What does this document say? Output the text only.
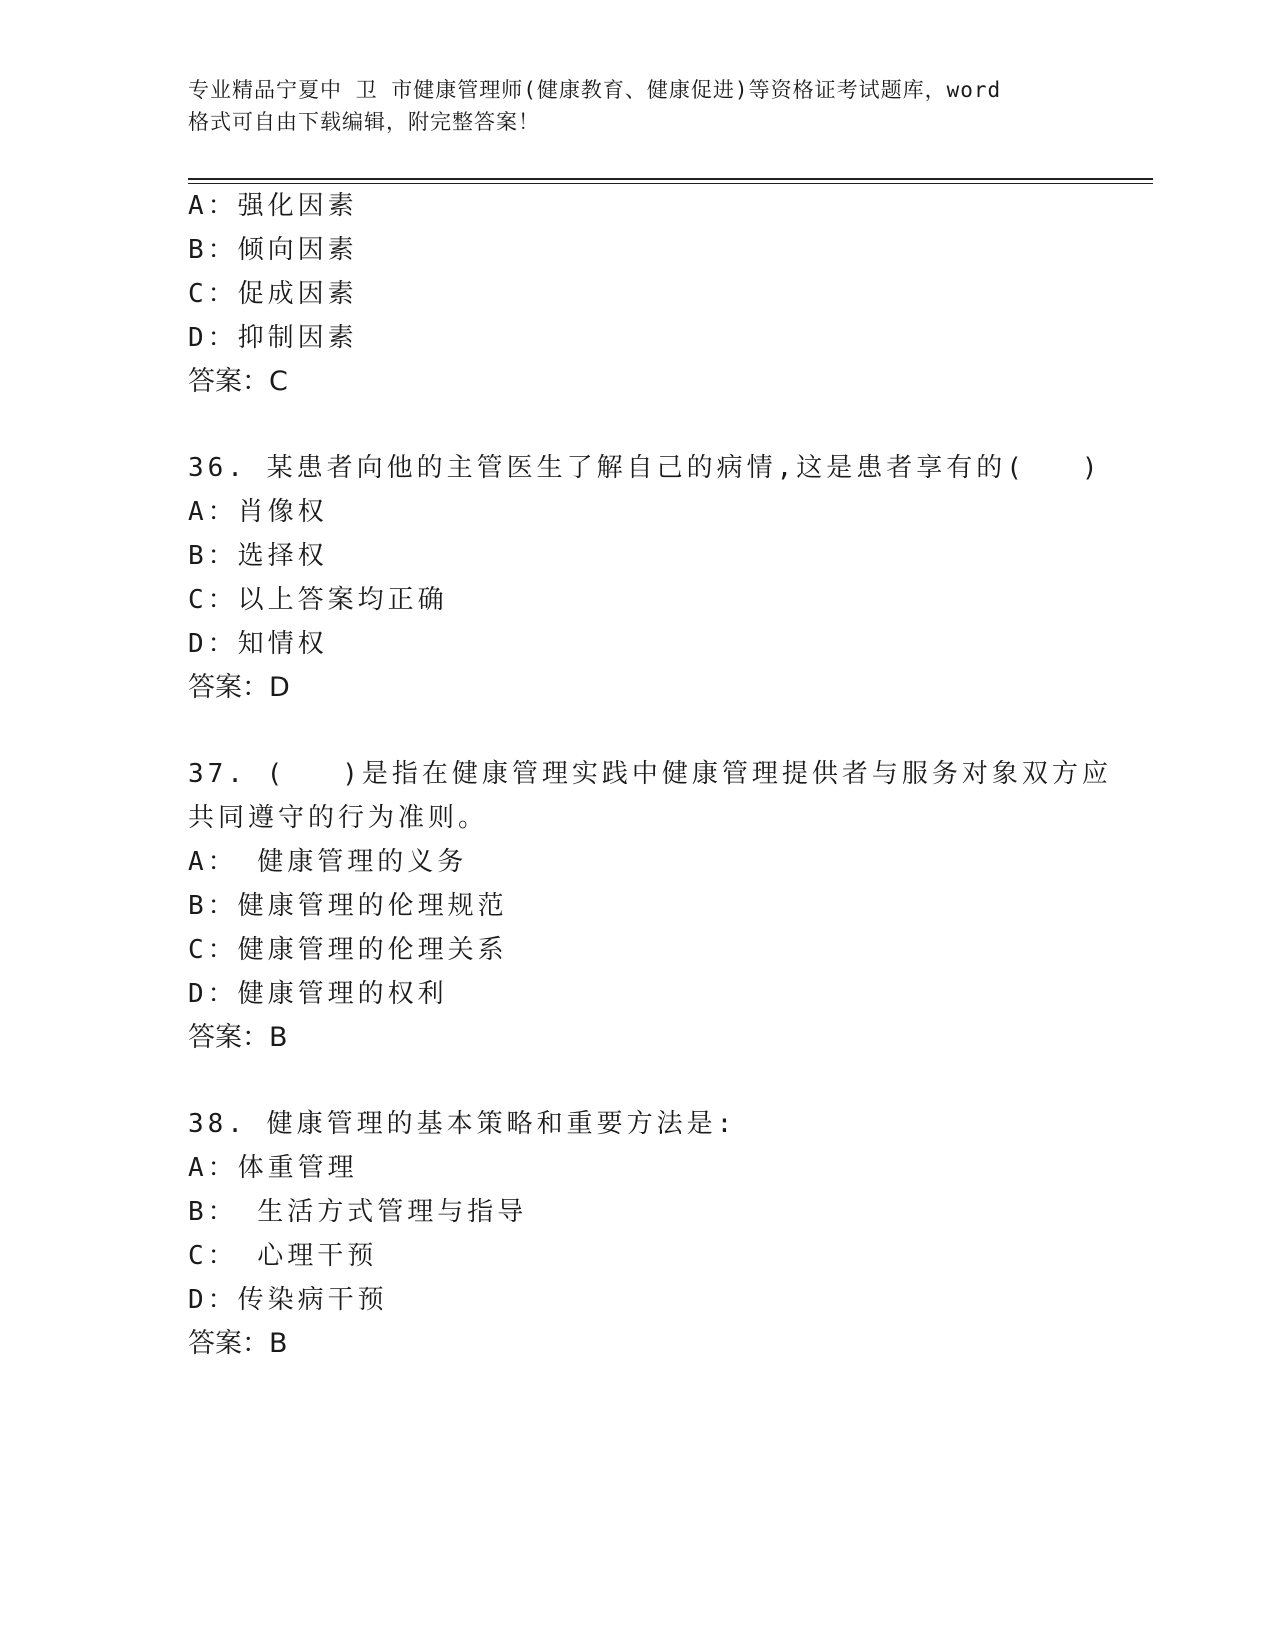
专业精品宁夏中 卫 市健康管理师(健康教育、健康促进)等资格证考试题库，word
格式可自由下载编辑，附完整答案！
A：强化因素
B：倾向因素
C：促成因素
D：抑制因素
答案：C
36. 某患者向他的主管医生了解自己的病情,这是患者享有的( )
A：肖像权
B：选择权
C：以上答案均正确
D：知情权
答案：D
37. ( )是指在健康管理实践中健康管理提供者与服务对象双方应
共同遵守的行为准则。
A： 健康管理的义务
B：健康管理的伦理规范
C：健康管理的伦理关系
D：健康管理的权利
答案：B
38. 健康管理的基本策略和重要方法是:
A：体重管理
B： 生活方式管理与指导
C： 心理干预
D：传染病干预
答案：B
